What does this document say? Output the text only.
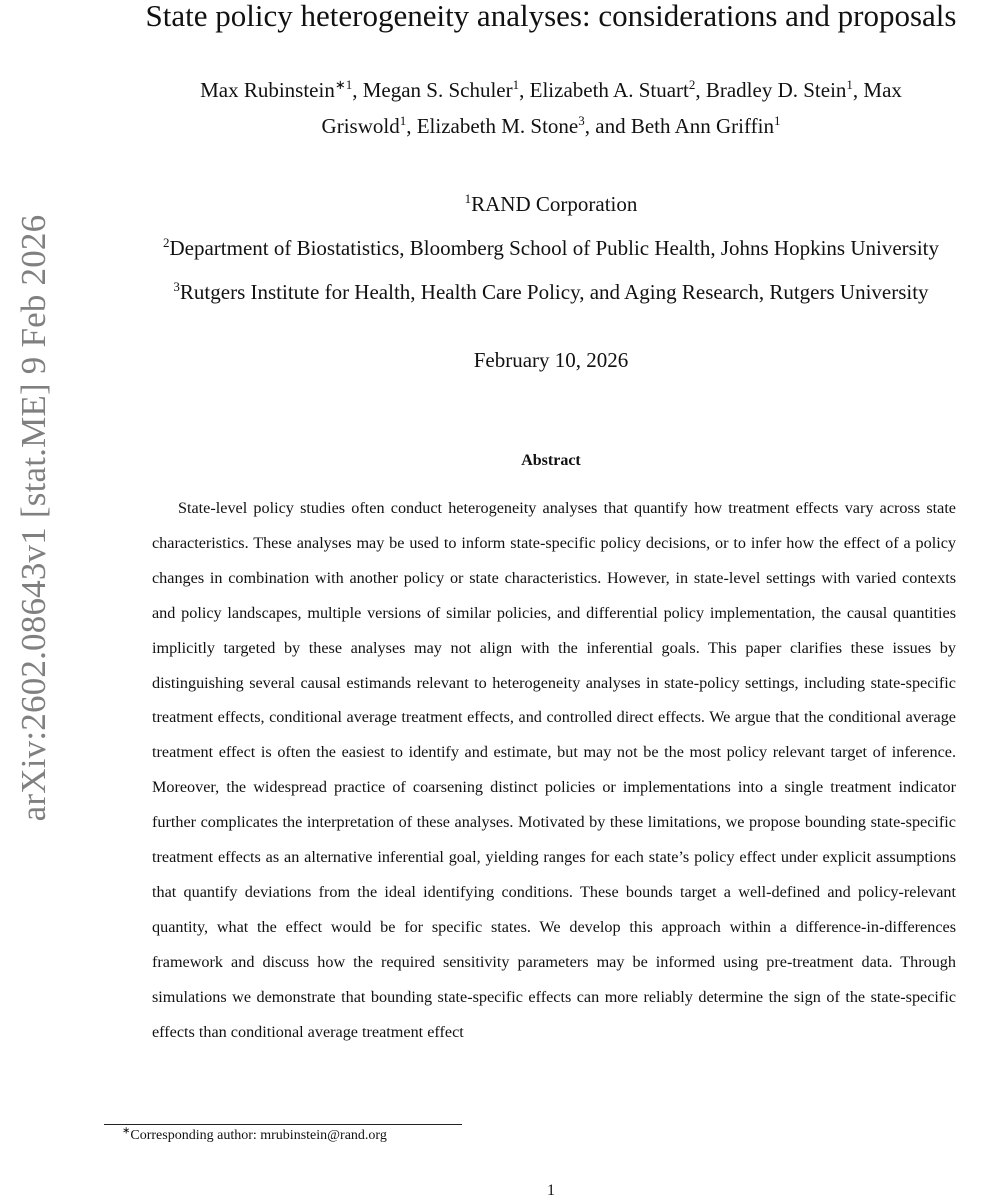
arXiv:2602.08643v1 [stat.ME] 9 Feb 2026
State policy heterogeneity analyses: considerations and proposals
Max Rubinstein$^{∗1}$, Megan S. Schuler$^1$, Elizabeth A. Stuart$^2$, Bradley D. Stein$^1$, Max
Griswold$^1$, Elizabeth M. Stone$^3$, and Beth Ann Griffin$^1$
$^1$RAND Corporation
$^2$Department of Biostatistics, Bloomberg School of Public Health, Johns Hopkins University
$^3$Rutgers Institute for Health, Health Care Policy, and Aging Research, Rutgers University
February 10, 2026
Abstract

State-level policy studies often conduct heterogeneity analyses that quantify how treatment effects vary across state characteristics. These analyses may be used to inform state-specific policy decisions, or to infer how the effect of a policy changes in combination with another policy or state characteristics. However, in state-level settings with varied contexts and policy landscapes, multiple versions of similar policies, and differential policy implementation, the causal quantities implicitly targeted by these analyses may not align with the inferential goals. This paper clarifies these issues by distinguishing several causal estimands relevant to heterogeneity analyses in state-policy settings, including state-specific treatment effects, conditional average treatment effects, and controlled direct effects. We argue that the conditional average treatment effect is often the easiest to identify and estimate, but may not be the most policy relevant target of inference. Moreover, the widespread practice of coarsening distinct policies or implementations into a single treatment indicator further complicates the interpretation of these analyses. Motivated by these limitations, we propose bounding state-specific treatment effects as an alternative inferential goal, yielding ranges for each state’s policy effect under explicit assumptions that quantify deviations from the ideal identifying conditions. These bounds target a well-defined and policy-relevant quantity, what the effect would be for specific states. We develop this approach within a difference-in-differences framework and discuss how the required sensitivity parameters may be informed using pre-treatment data. Through simulations we demonstrate that bounding state-specific effects can more reliably determine the sign of the state-specific effects than conditional average treatment effect

∗Corresponding author: mrubinstein@rand.org
1
